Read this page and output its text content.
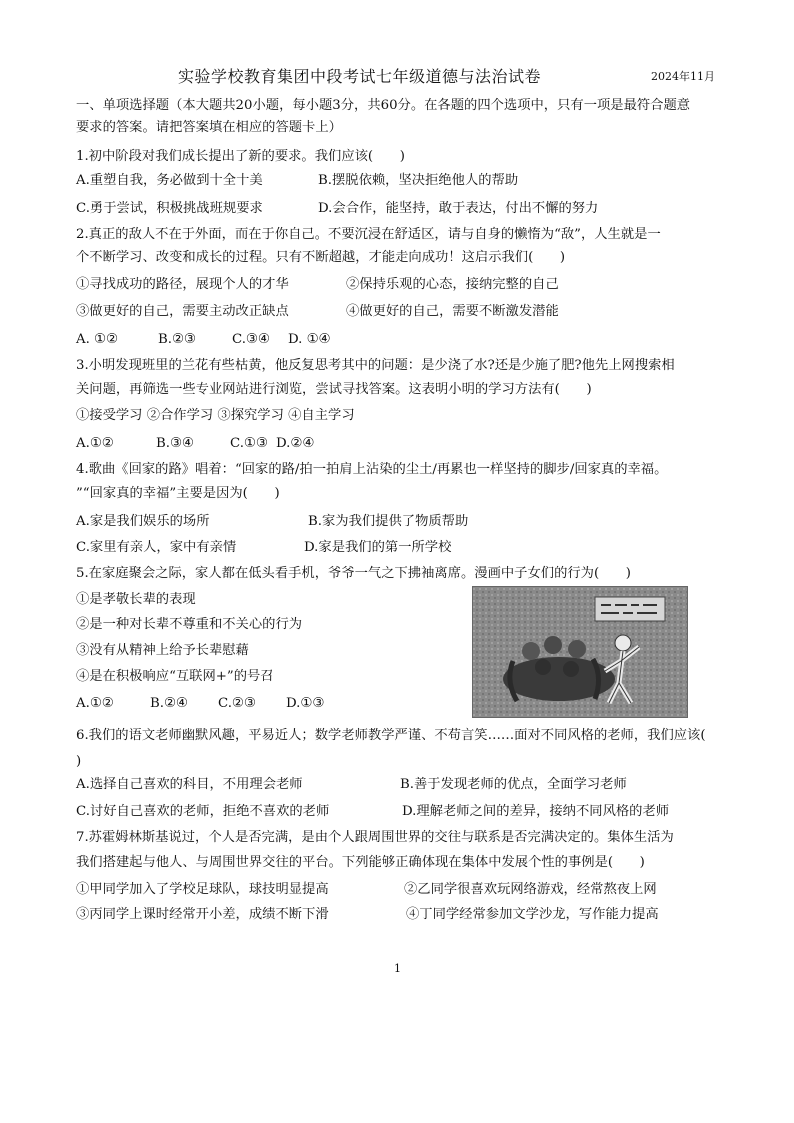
实验学校教育集团中段考试七年级道德与法治试卷	2024年11月
一、单项选择题（本大题共20小题，每小题3分，共60分。在各题的四个选项中，只有一项是最符合题意
要求的答案。请把答案填在相应的答题卡上）
1.初中阶段对我们成长提出了新的要求。我们应该(　　)
A.重塑自我，务必做到十全十美	B.摆脱依赖，坚决拒绝他人的帮助
C.勇于尝试，积极挑战班规要求	D.会合作，能坚持，敢于表达，付出不懈的努力
2.真正的敌人不在于外面，而在于你自己。不要沉浸在舒适区，请与自身的懒惰为“敌”，人生就是一
个不断学习、改变和成长的过程。只有不断超越，才能走向成功！这启示我们(　　)
①寻找成功的路径，展现个人的才华	②保持乐观的心态，接纳完整的自己
③做更好的自己，需要主动改正缺点	④做更好的自己，需要不断激发潜能
A. ①②	B.②③	C.③④ D. ①④
3.小明发现班里的兰花有些枯黄，他反复思考其中的问题：是少浇了水?还是少施了肥?他先上网搜索相
关问题，再筛选一些专业网站进行浏览，尝试寻找答案。这表明小明的学习方法有(　　)
①接受学习 ②合作学习 ③探究学习 ④自主学习
A.①②	B.③④	C.①③ D.②④
4.歌曲《回家的路》唱着：“回家的路/拍一拍肩上沾染的尘土/再累也一样坚持的脚步/回家真的幸福。
”“回家真的幸福”主要是因为(　　)
A.家是我们娱乐的场所	B.家为我们提供了物质帮助
C.家里有亲人，家中有亲情	D.家是我们的第一所学校
5.在家庭聚会之际，家人都在低头看手机，爷爷一气之下拂袖离席。漫画中子女们的行为(　　)
①是孝敬长辈的表现
②是一种对长辈不尊重和不关心的行为
③没有从精神上给予长辈慰藉
④是在积极响应“互联网+”的号召
A.①②	B.②④ C.②③ D.①③
6.我们的语文老师幽默风趣，平易近人；数学老师教学严谨、不苟言笑……面对不同风格的老师，我们应该(
)
A.选择自己喜欢的科目，不用理会老师	B.善于发现老师的优点，全面学习老师
C.讨好自己喜欢的老师，拒绝不喜欢的老师	D.理解老师之间的差异，接纳不同风格的老师
7.苏霍姆林斯基说过，个人是否完满，是由个人跟周围世界的交往与联系是否完满决定的。集体生活为
我们搭建起与他人、与周围世界交往的平台。下列能够正确体现在集体中发展个性的事例是(　　)
①甲同学加入了学校足球队，球技明显提高	②乙同学很喜欢玩网络游戏，经常熬夜上网
③丙同学上课时经常开小差，成绩不断下滑	④丁同学经常参加文学沙龙，写作能力提高
1
